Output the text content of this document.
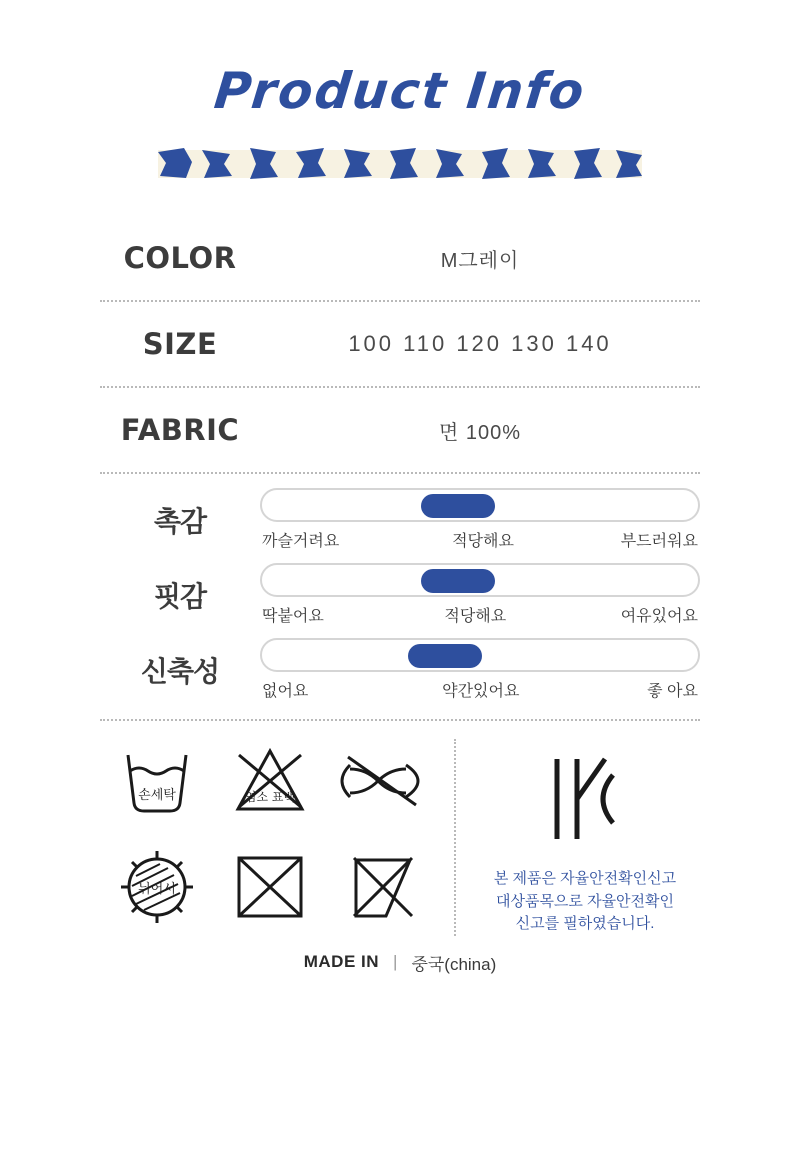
Product Info
COLOR	M그레이
SIZE	100 110 120 130 140
FABRIC	면 100%
촉감
까슬거려요	적당해요	부드러워요
핏감
딱붙어요	적당해요	여유있어요
신축성
없어요	약간있어요	좋 아요
손세탁	염소 표백
뉘어서
본 제품은 자율안전확인신고
대상품목으로 자율안전확인
신고를 필하였습니다.
MADE IN | 중국(china)
